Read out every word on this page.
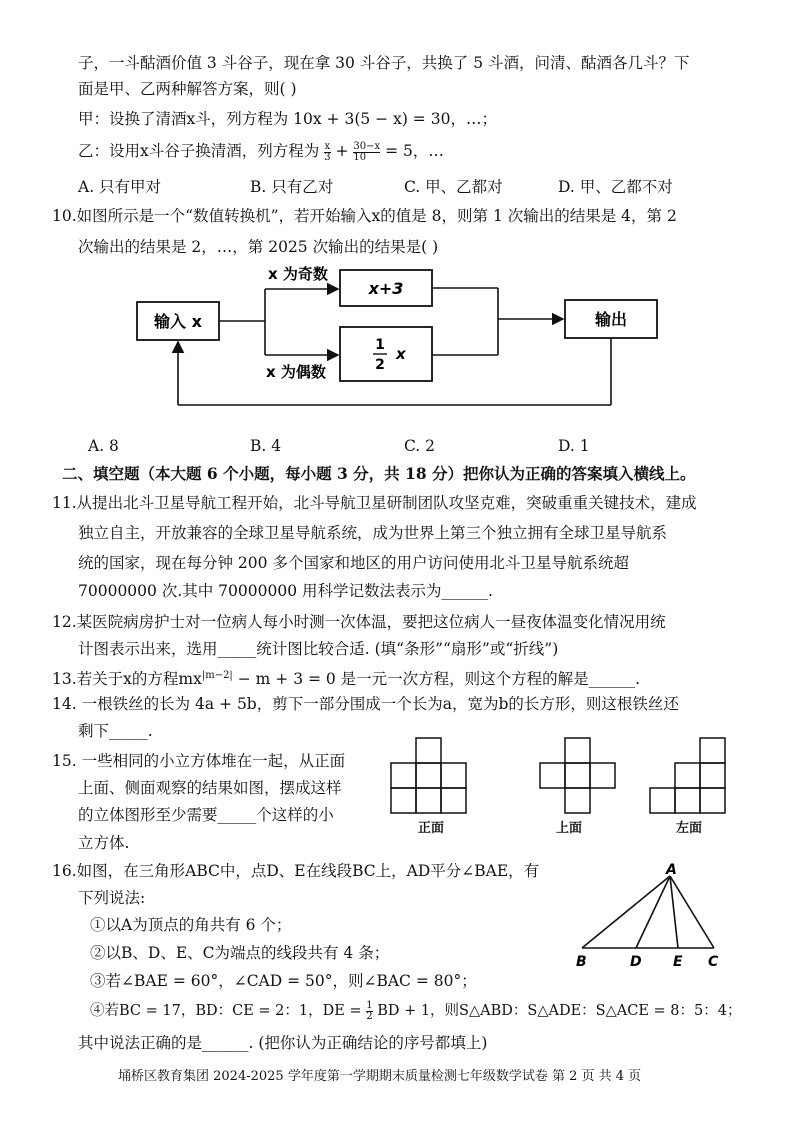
子，一斗酤酒价值 3 斗谷子，现在拿 30 斗谷子，共换了 5 斗酒，问清、酤酒各几斗？下
面是甲、乙两种解答方案，则( )
甲：设换了清酒x斗，列方程为 10x + 3(5 − x) = 30，…；
乙：设用x斗谷子换清酒，列方程为 $\frac{x}{3} + \frac{30-x}{10} = 5$，…
A. 只有甲对	B. 只有乙对	C. 甲、乙都对	D. 甲、乙都不对
10.如图所示是一个“数值转换机”，若开始输入x的值是 8，则第 1 次输出的结果是 4，第 2
次输出的结果是 2，…，第 2025 次输出的结果是( )
输入 x
x 为奇数
x 为偶数
x+3
1
2
x
输出
A. 8	B. 4	C. 2	D. 1
二、填空题（本大题 6 个小题，每小题 3 分，共 18 分）把你认为正确的答案填入横线上。
11.从提出北斗卫星导航工程开始，北斗导航卫星研制团队攻坚克难，突破重重关键技术，建成
独立自主，开放兼容的全球卫星导航系统，成为世界上第三个独立拥有全球卫星导航系
统的国家，现在每分钟 200 多个国家和地区的用户访问使用北斗卫星导航系统超
70000000 次.其中 70000000 用科学记数法表示为______.
12.某医院病房护士对一位病人每小时测一次体温，要把这位病人一昼夜体温变化情况用统
计图表示出来，选用_____统计图比较合适. (填“条形”“扇形”或“折线”)
13.若关于x的方程$mx^{|m-2|} - m + 3 = 0$ 是一元一次方程，则这个方程的解是______.
14. 一根铁丝的长为 4a + 5b，剪下一部分围成一个长为a，宽为b的长方形，则这根铁丝还
剩下_____.
15. 一些相同的小立方体堆在一起，从正面
上面、侧面观察的结果如图，摆成这样
的立体图形至少需要_____个这样的小
立方体.
正面	上面	左面
16.如图，在三角形ABC中，点D、E在线段BC上，AD平分∠BAE，有
下列说法:
①以A为顶点的角共有 6 个；
②以B、D、E、C为端点的线段共有 4 条；
③若∠BAE = 60°，∠CAD = 50°，则∠BAC = 80°；
④若BC = 17，BD：CE = 2：1，DE = $\frac{1}{2}$ BD + 1，则S△ABD：S△ADE：S△ACE = 8：5：4；
其中说法正确的是______. (把你认为正确结论的序号都填上)
A
B	D E C
埇桥区教育集团 2024-2025 学年度第一学期期末质量检测七年级数学试卷 第 2 页 共 4 页
